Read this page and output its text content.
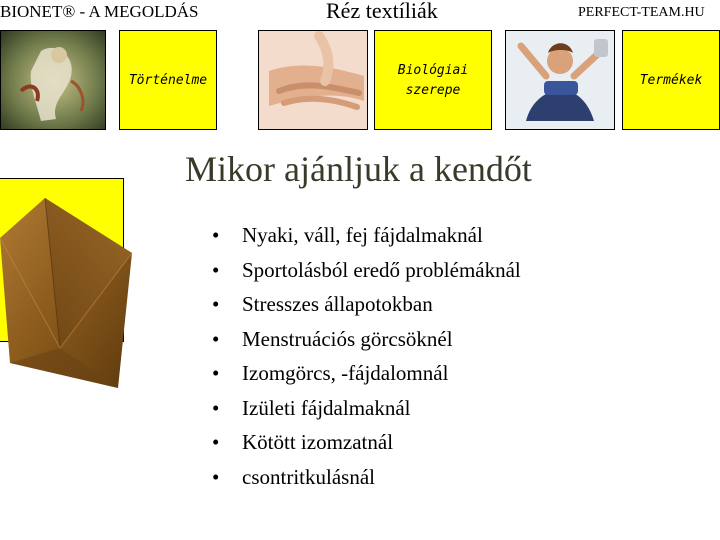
BIONET® - A MEGOLDÁS	Réz textíliák	PERFECT-TEAM.HU
Történelme
Biológiai
szerepe
Termékek
Mikor ajánljuk a kendőt
• Nyaki, váll, fej fájdalmaknál
• Sportolásból eredő problémáknál
• Stresszes állapotokban
• Menstruációs görcsöknél
• Izomgörcs, -fájdalomnál
• Izületi fájdalmaknál
• Kötött izomzatnál
• csontritkulásnál
